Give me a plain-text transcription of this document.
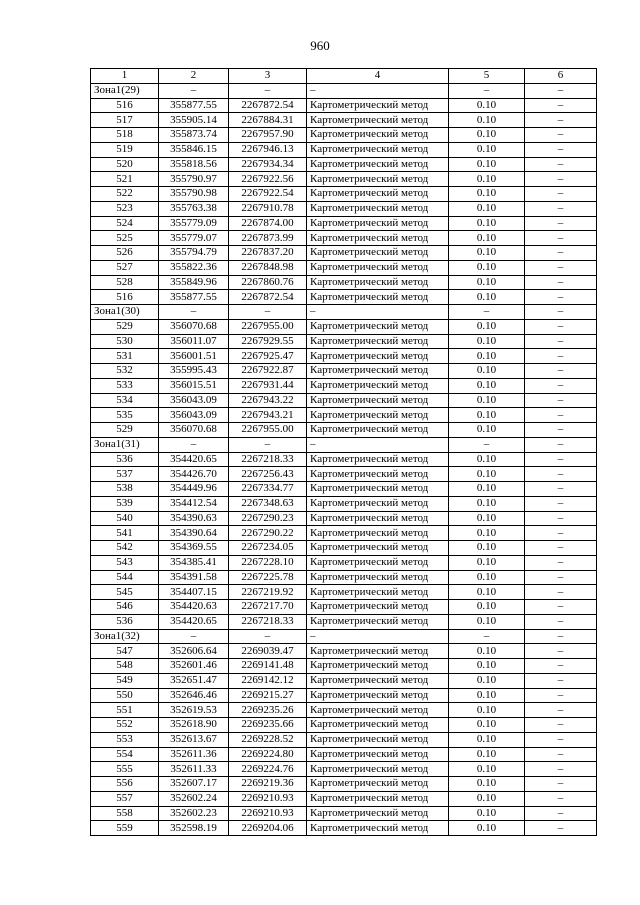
960
1	2	3	4	5	6
Зона1(29)	–	–	–	–	–
516	355877.55	2267872.54	Картометрический метод	0.10	–
517	355905.14	2267884.31	Картометрический метод	0.10	–
518	355873.74	2267957.90	Картометрический метод	0.10	–
519	355846.15	2267946.13	Картометрический метод	0.10	–
520	355818.56	2267934.34	Картометрический метод	0.10	–
521	355790.97	2267922.56	Картометрический метод	0.10	–
522	355790.98	2267922.54	Картометрический метод	0.10	–
523	355763.38	2267910.78	Картометрический метод	0.10	–
524	355779.09	2267874.00	Картометрический метод	0.10	–
525	355779.07	2267873.99	Картометрический метод	0.10	–
526	355794.79	2267837.20	Картометрический метод	0.10	–
527	355822.36	2267848.98	Картометрический метод	0.10	–
528	355849.96	2267860.76	Картометрический метод	0.10	–
516	355877.55	2267872.54	Картометрический метод	0.10	–
Зона1(30)	–	–	–	–	–
529	356070.68	2267955.00	Картометрический метод	0.10	–
530	356011.07	2267929.55	Картометрический метод	0.10	–
531	356001.51	2267925.47	Картометрический метод	0.10	–
532	355995.43	2267922.87	Картометрический метод	0.10	–
533	356015.51	2267931.44	Картометрический метод	0.10	–
534	356043.09	2267943.22	Картометрический метод	0.10	–
535	356043.09	2267943.21	Картометрический метод	0.10	–
529	356070.68	2267955.00	Картометрический метод	0.10	–
Зона1(31)	–	–	–	–	–
536	354420.65	2267218.33	Картометрический метод	0.10	–
537	354426.70	2267256.43	Картометрический метод	0.10	–
538	354449.96	2267334.77	Картометрический метод	0.10	–
539	354412.54	2267348.63	Картометрический метод	0.10	–
540	354390.63	2267290.23	Картометрический метод	0.10	–
541	354390.64	2267290.22	Картометрический метод	0.10	–
542	354369.55	2267234.05	Картометрический метод	0.10	–
543	354385.41	2267228.10	Картометрический метод	0.10	–
544	354391.58	2267225.78	Картометрический метод	0.10	–
545	354407.15	2267219.92	Картометрический метод	0.10	–
546	354420.63	2267217.70	Картометрический метод	0.10	–
536	354420.65	2267218.33	Картометрический метод	0.10	–
Зона1(32)	–	–	–	–	–
547	352606.64	2269039.47	Картометрический метод	0.10	–
548	352601.46	2269141.48	Картометрический метод	0.10	–
549	352651.47	2269142.12	Картометрический метод	0.10	–
550	352646.46	2269215.27	Картометрический метод	0.10	–
551	352619.53	2269235.26	Картометрический метод	0.10	–
552	352618.90	2269235.66	Картометрический метод	0.10	–
553	352613.67	2269228.52	Картометрический метод	0.10	–
554	352611.36	2269224.80	Картометрический метод	0.10	–
555	352611.33	2269224.76	Картометрический метод	0.10	–
556	352607.17	2269219.36	Картометрический метод	0.10	–
557	352602.24	2269210.93	Картометрический метод	0.10	–
558	352602.23	2269210.93	Картометрический метод	0.10	–
559	352598.19	2269204.06	Картометрический метод	0.10	–
